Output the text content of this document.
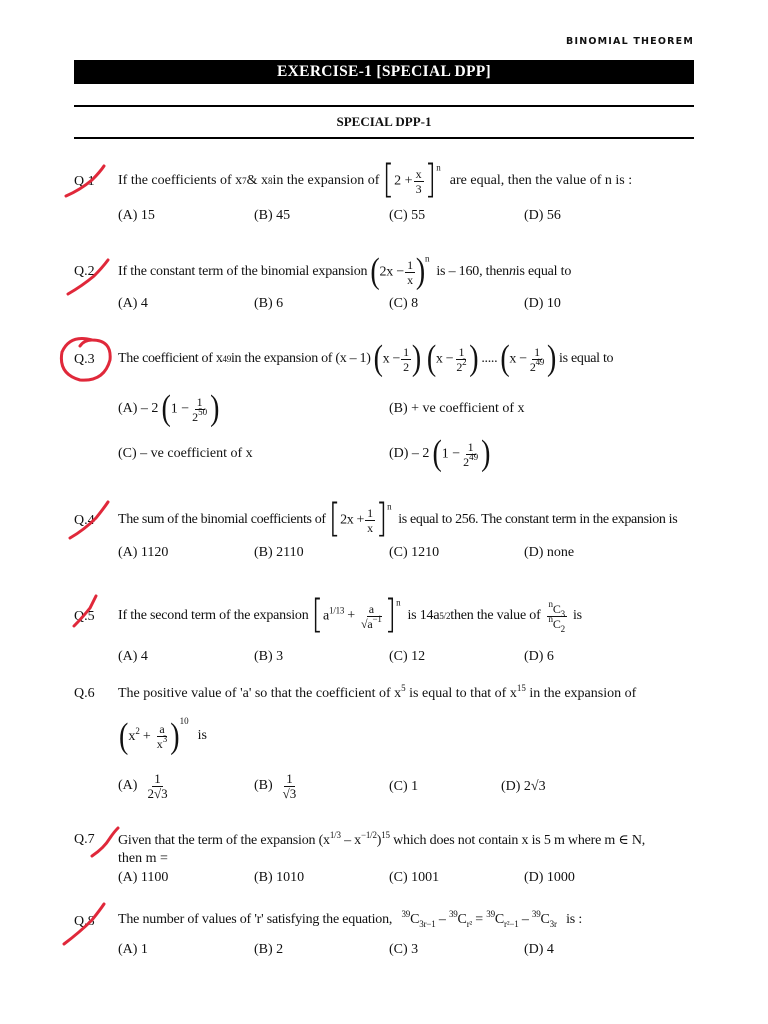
BINOMIAL THEOREM
EXERCISE-1 [SPECIAL DPP]
SPECIAL DPP-1
Q.1 If the coefficients of x 7 & x 8 in the expansion of $[2 + \frac{x}{3} ]^n$
are equal, then the value of n is :
(A) 15	(B) 45	(C) 55	(D) 56
Q.2 If the constant term of the binomial expansion $(2x - \frac{1}{x} )^n$
is – 160, then n is equal to
(A) 4	(B) 6	(C) 8	(D) 10
Q.3 The coefficient of x 49 in the expansion of (x – 1) ($x - \frac{1}{2}$ ) ($x - \frac{1}{2^2}$ ) ..... ($x - \frac{1}{2^{49}}$ ) is equal to
(A) – 2 ($1 - \frac{1}{2^{50}}$ )	(B) + ve coefficient of x
(C) – ve coefficient of x	(D) – 2 ($1 - \frac{1}{2^{49}}$ )
Q.4 The sum of the binomial coefficients of $[2x + \frac{1}{x} ]^n$
is equal to 256. The constant term in the expansion is
(A) 1120	(B) 2110	(C) 1210	(D) none
Q.5 If the second term of the expansion $[a^{1/13} + \frac{a}{√a^{-1}} ]^n$
is 14a 5/2 then the value of $\frac{^nC_3}{^nC_2}$ is
(A) 4	(B) 3	(C) 12	(D) 6
Q.6 The positive value of 'a' so that the coefficient of $x^5$ is equal to that of $x^{15}$ in the expansion of
$(x^2 + \frac{a}{x^3} )^{10}$
is
$(A) \frac{1}{2√3}$	$(B) \frac{1}{√3}$	(C) 1	(D) 2√3
Q.7 Given that the term of the expansion $(x^{1/3} - x^{-1/2})^{15}$ which does not contain x is 5 m where m ∈ N,
then m =
(A) 1100	(B) 1010	(C) 1001	(D) 1000
Q.8 The number of values of 'r' satisfying the equation, $^{39}C_{3r-1} - ^{39}C_{r^2} = ^{39}C_{r^2-1} - ^{39}C_{3r}$ is :
(A) 1	(B) 2	(C) 3	(D) 4
